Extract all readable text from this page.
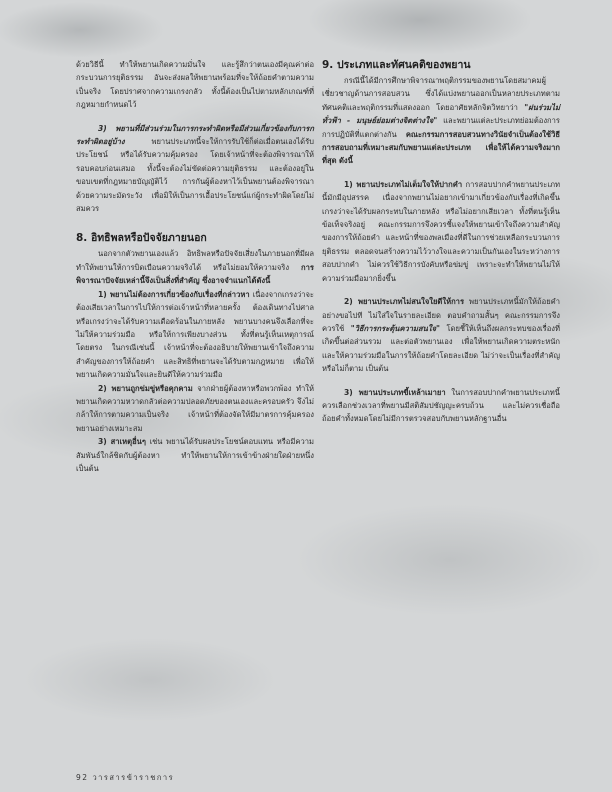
ด้วยวิธีนี้ ทำให้พยานเกิดความมั่นใจ และรู้สึกว่าตนเองมีคุณค่าต่อกระบวนการยุติธรรม อันจะส่งผลให้พยานพร้อมที่จะให้ถ้อยคำตามความเป็นจริง โดยปราศจากความเกรงกลัว ทั้งนี้ต้องเป็นไปตามหลักเกณฑ์ที่กฎหมายกำหนดไว้

3) พยานที่มีส่วนร่วมในการกระทำผิดหรือมีส่วนเกี่ยวข้องกับการกระทำผิดอยู่บ้าง	พยานประเภทนี้จะให้การรับใช้ก็ต่อเมื่อตนเองได้รับประโยชน์ หรือได้รับความคุ้มครอง โดยเจ้าหน้าที่จะต้องพิจารณาให้รอบคอบก่อนเสมอ ทั้งนี้จะต้องไม่ขัดต่อความยุติธรรม และต้องอยู่ในขอบเขตที่กฎหมายบัญญัติไว้ การกันผู้ต้องหาไว้เป็นพยานต้องพิจารณาด้วยความระมัดระวัง เพื่อมิให้เป็นการเอื้อประโยชน์แก่ผู้กระทำผิดโดยไม่สมควร

8. อิทธิพลหรือปัจจัยภายนอก

นอกจากตัวพยานเองแล้ว อิทธิพลหรือปัจจัยเสี่ยงในภายนอกที่มีผลทำให้พยานให้การบิดเบือนความจริงได้ หรือไม่ยอมให้ความจริง การพิจารณาปัจจัยเหล่านี้จึงเป็นสิ่งที่สำคัญ ซึ่งอาจจำแนกได้ดังนี้

1) พยานไม่ต้องการเกี่ยวข้องกับเรื่องที่กล่าวหา เนื่องจากเกรงว่าจะต้องเสียเวลาในการไปให้การต่อเจ้าหน้าที่หลายครั้ง ต้องเดินทางไปศาล หรือเกรงว่าจะได้รับความเดือดร้อนในภายหลัง พยานบางคนจึงเลือกที่จะไม่ให้ความร่วมมือ หรือให้การเพียงบางส่วน ทั้งที่ตนรู้เห็นเหตุการณ์โดยตรง ในกรณีเช่นนี้ เจ้าหน้าที่จะต้องอธิบายให้พยานเข้าใจถึงความสำคัญของการให้ถ้อยคำ และสิทธิที่พยานจะได้รับตามกฎหมาย เพื่อให้พยานเกิดความมั่นใจและยินดีให้ความร่วมมือ

2) พยานถูกข่มขู่หรือคุกคาม จากฝ่ายผู้ต้องหาหรือพวกพ้อง ทำให้พยานเกิดความหวาดกลัวต่อความปลอดภัยของตนเองและครอบครัว จึงไม่กล้าให้การตามความเป็นจริง เจ้าหน้าที่ต้องจัดให้มีมาตรการคุ้มครองพยานอย่างเหมาะสม

3) สาเหตุอื่นๆ เช่น พยานได้รับผลประโยชน์ตอบแทน หรือมีความสัมพันธ์ใกล้ชิดกับผู้ต้องหา ทำให้พยานให้การเข้าข้างฝ่ายใดฝ่ายหนึ่ง เป็นต้น

9. ประเภทและทัศนคติของพยาน

กรณีนี้ได้มีการศึกษาพิจารณาพฤติกรรมของพยานโดยสมาคมผู้เชี่ยวชาญด้านการสอบสวน ซึ่งได้แบ่งพยานออกเป็นหลายประเภทตามทัศนคติและพฤติกรรมที่แสดงออก โดยอาศัยหลักจิตวิทยาว่า "ฝนร่วมไม่ทั่วฟ้า - มนุษย์ย่อมต่างจิตต่างใจ" และพยานแต่ละประเภทย่อมต้องการการปฏิบัติที่แตกต่างกัน คณะกรรมการสอบสวนทางวินัยจำเป็นต้องใช้วิธีการสอบถามที่เหมาะสมกับพยานแต่ละประเภท เพื่อให้ได้ความจริงมากที่สุด ดังนี้

1) พยานประเภทไม่เต็มใจให้ปากคำ การสอบปากคำพยานประเภทนี้มักมีอุปสรรค เนื่องจากพยานไม่อยากเข้ามาเกี่ยวข้องกับเรื่องที่เกิดขึ้น เกรงว่าจะได้รับผลกระทบในภายหลัง หรือไม่อยากเสียเวลา ทั้งที่ตนรู้เห็นข้อเท็จจริงอยู่ คณะกรรมการจึงควรชี้แจงให้พยานเข้าใจถึงความสำคัญของการให้ถ้อยคำ และหน้าที่ของพลเมืองที่ดีในการช่วยเหลือกระบวนการยุติธรรม ตลอดจนสร้างความไว้วางใจและความเป็นกันเองในระหว่างการสอบปากคำ ไม่ควรใช้วิธีการบังคับหรือข่มขู่ เพราะจะทำให้พยานไม่ให้ความร่วมมือมากยิ่งขึ้น

2) พยานประเภทไม่สนใจใยดีให้การ พยานประเภทนี้มักให้ถ้อยคำอย่างขอไปที ไม่ใส่ใจในรายละเอียด ตอบคำถามสั้นๆ คณะกรรมการจึงควรใช้ "วิธีการกระตุ้นความสนใจ" โดยชี้ให้เห็นถึงผลกระทบของเรื่องที่เกิดขึ้นต่อส่วนรวม และต่อตัวพยานเอง เพื่อให้พยานเกิดความตระหนักและให้ความร่วมมือในการให้ถ้อยคำโดยละเอียด ไม่ว่าจะเป็นเรื่องที่สำคัญหรือไม่ก็ตาม เป็นต้น

3) พยานประเภทขี้เหล้าเมายา ในการสอบปากคำพยานประเภทนี้ควรเลือกช่วงเวลาที่พยานมีสติสัมปชัญญะครบถ้วน และไม่ควรเชื่อถือถ้อยคำทั้งหมดโดยไม่มีการตรวจสอบกับพยานหลักฐานอื่น

92 วารสารข้าราชการ
